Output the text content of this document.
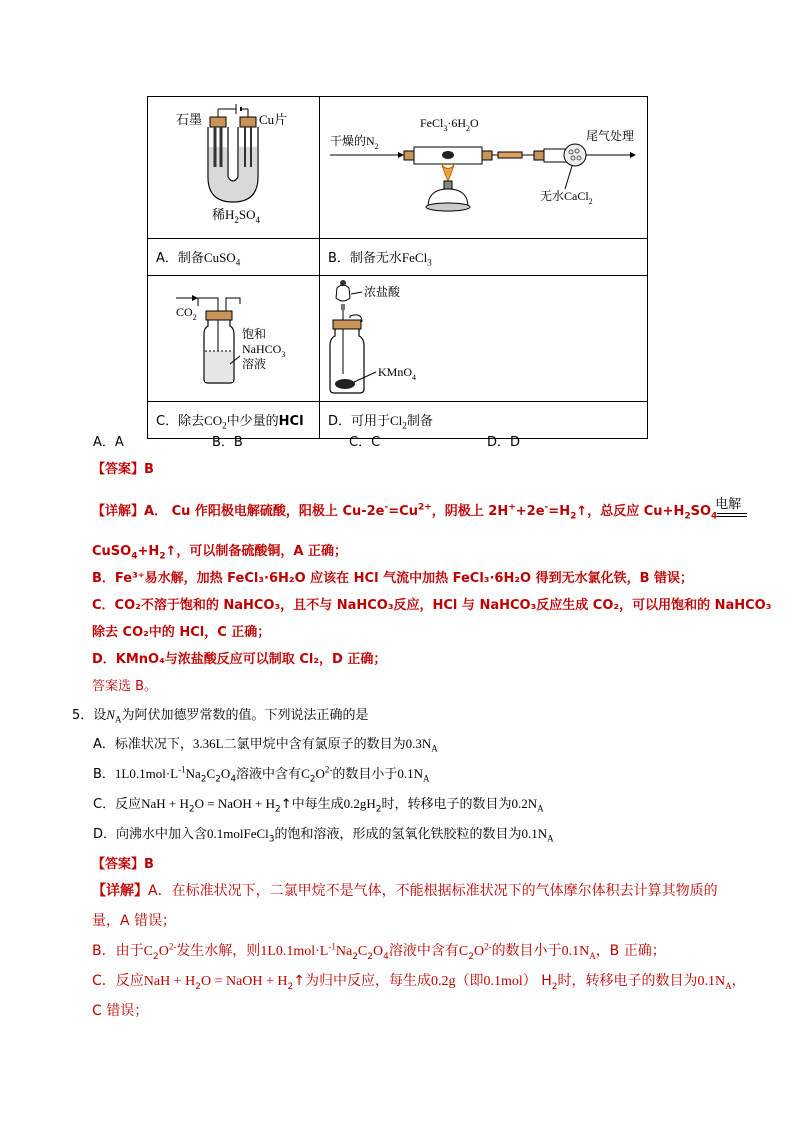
石墨 Cu片
稀$H_2SO_4$	$FeCl_3\cdot 6H_2O$
干燥的$N_2$
尾气处理
无水CaCl$_2$

A．制备CuSO$_4$	B．制备无水FeCl$_3$

$CO_2$
饱和
NaHCO$_3$
溶液	浓盐酸
KMnO$_4$

C．除去$CO_2$中少量的HCl	D．可用于$Cl_2$制备
A．A	B．B	C．C	D．D
【答案】B
【详解】A． Cu 作阳极电解硫酸，阳极上 $Cu-2e^-=Cu^{2+}$，阴极上 $2H^++2e^-=H_2↑$，总反应 $Cu+H_2SO_4$
电解
$CuSO_4+H_2↑$，可以制备硫酸铜，A 正确；
B．Fe³⁺易水解，加热 FeCl₃·6H₂O 应该在 HCl 气流中加热 FeCl₃·6H₂O 得到无水氯化铁，B 错误；
C．CO₂不溶于饱和的 NaHCO₃，且不与 NaHCO₃反应，HCl 与 NaHCO₃反应生成 CO₂，可以用饱和的 NaHCO₃
除去 CO₂中的 HCl，C 正确；
D．KMnO₄与浓盐酸反应可以制取 Cl₂，D 正确；
答案选 B。
5．设$N_A$为阿伏加德罗常数的值。下列说法正确的是
A．标准状况下，3.36L二氯甲烷中含有氯原子的数目为$0.3N_A$
B．$1L0.1mol\cdot L^{-1}Na_2C_2O_4$溶液中含有$C_2O^{2-}$的数目小于$0.1N_A$
C．反应NaH + $H_2O$ = NaOH + $H_2↑$中每生成$0.2gH_2$时，转移电子的数目为$0.2N_A$
D．向沸水中加入含0.1molFeCl$_3$的饱和溶液，形成的氢氧化铁胶粒的数目为$0.1N_A$
【答案】B
【详解】A．在标准状况下，二氯甲烷不是气体，不能根据标准状况下的气体摩尔体积去计算其物质的
量，A 错误；
B．由于$C_2O^{2-}$发生水解，则$1L0.1mol\cdot L^{-1}Na_2C_2O_4$溶液中含有$C_2O^{2-}$的数目小于$0.1N_A$，B 正确；
C．反应NaH + $H_2O$ = NaOH + $H_2↑$为归中反应，每生成0.2g（即0.1mol） $H_2$时，转移电子的数目为$0.1N_A$，
C 错误；
